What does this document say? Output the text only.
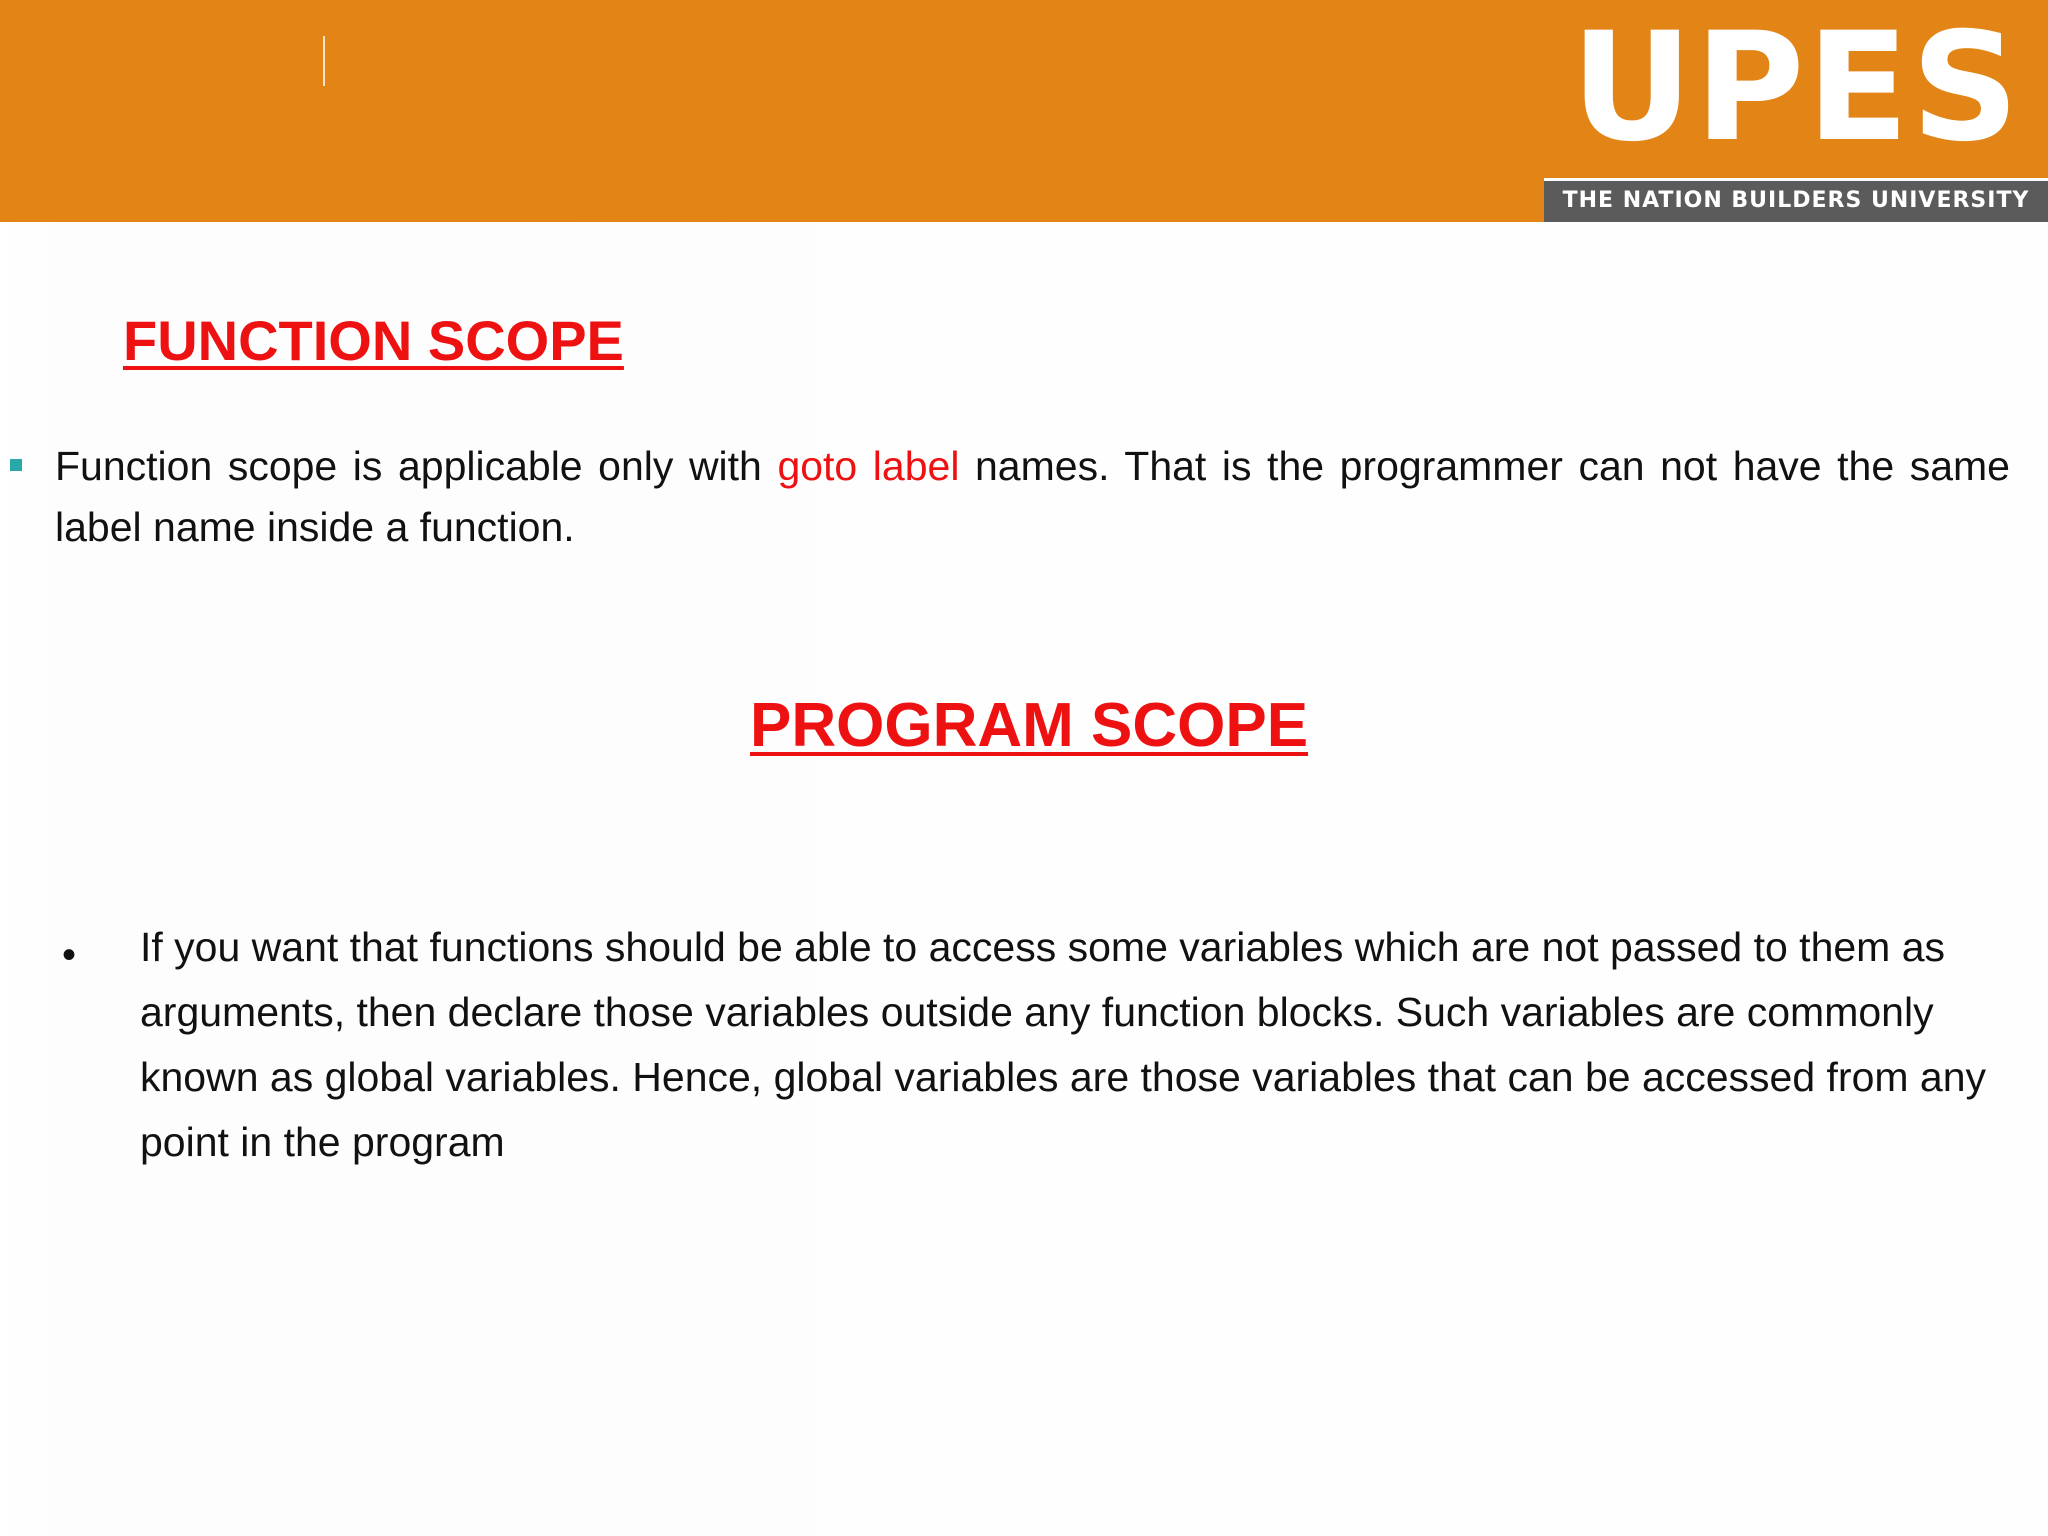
UPES
THE NATION BUILDERS UNIVERSITY
FUNCTION SCOPE
Function scope is applicable only with goto label names. That is the programmer can not have the same label name inside a function.
PROGRAM SCOPE
• If you want that functions should be able to access some variables which are not passed to them as arguments, then declare those variables outside any function blocks. Such variables are commonly known as global variables. Hence, global variables are those variables that can be accessed from any point in the program
